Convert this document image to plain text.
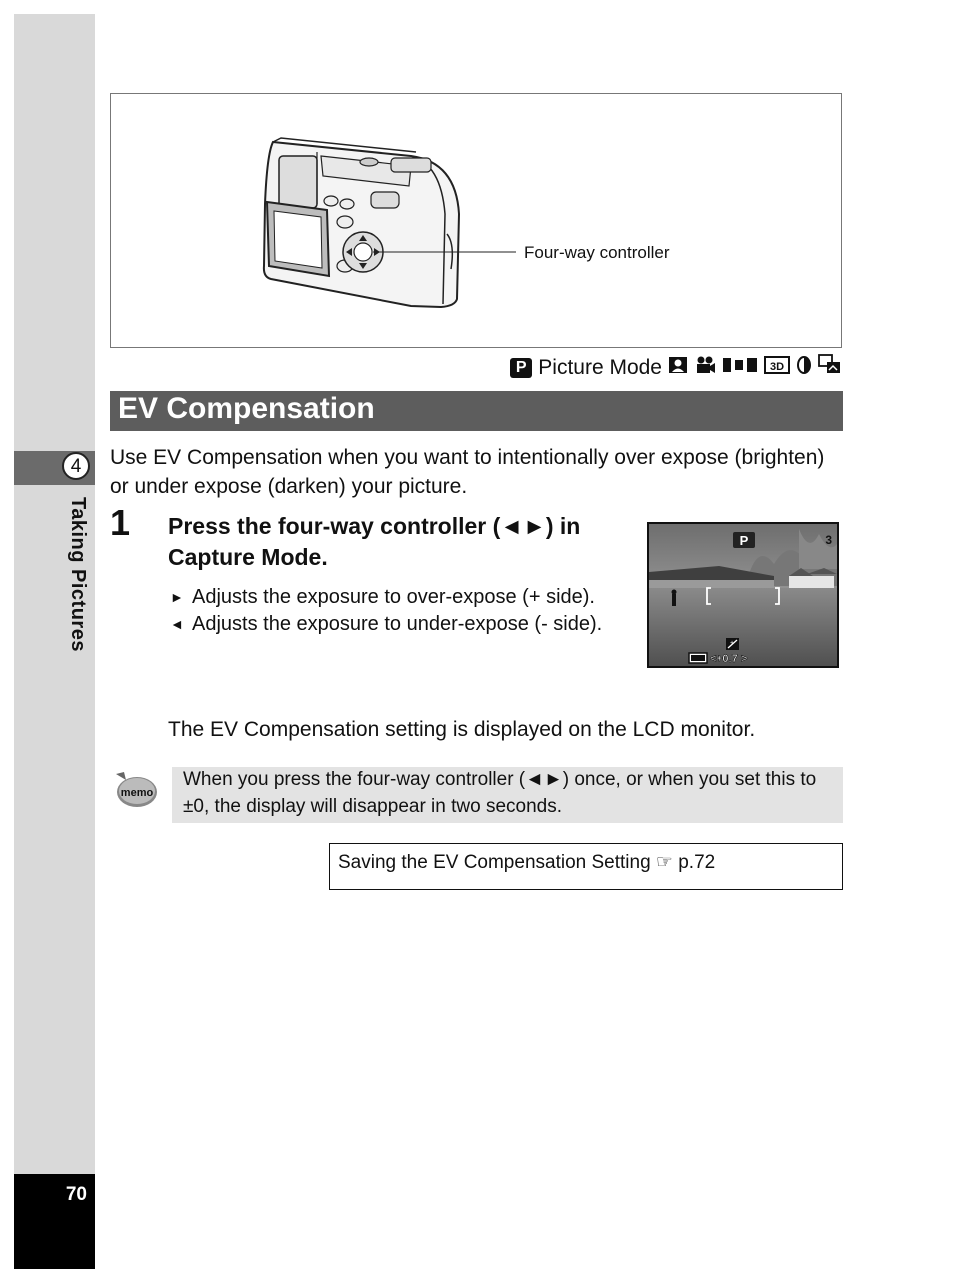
4
Taking Pictures
70
Four-way controller
P Picture Mode	3D
EV Compensation
Use EV Compensation when you want to intentionally over expose (brighten) or under expose (darken) your picture.
1 Press the four-way controller (◄►) in Capture Mode.
► Adjusts the exposure to over-expose (+ side).
◄ Adjusts the exposure to under-expose (- side).
P	3
+
< +0.7 >
The EV Compensation setting is displayed on the LCD monitor.
memo
When you press the four-way controller (◄►) once, or when you set this to ±0, the display will disappear in two seconds.
Saving the EV Compensation Setting ☞ p.72
